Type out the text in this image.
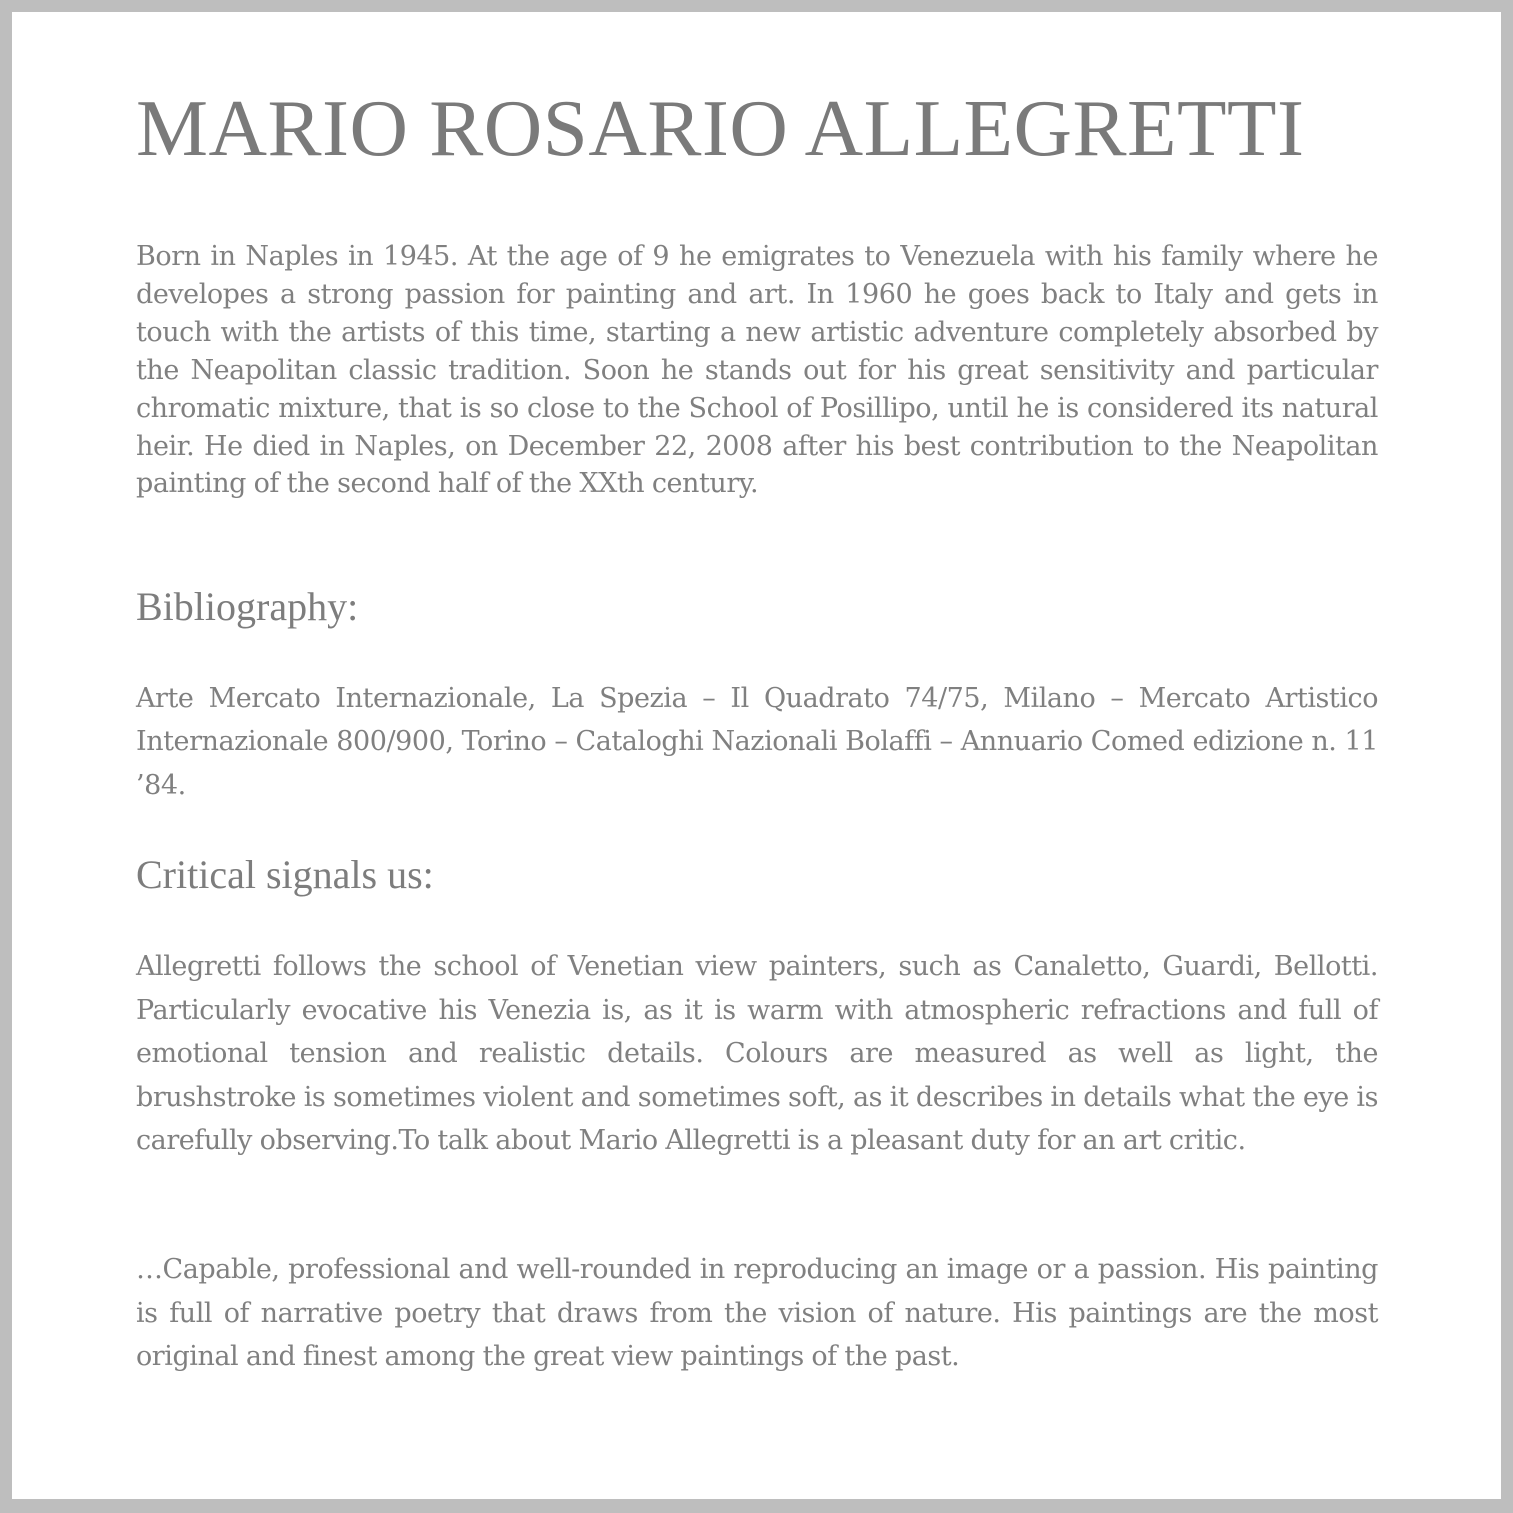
MARIO ROSARIO ALLEGRETTI

Born in Naples in 1945. At the age of 9 he emigrates to Venezuela with his family where he developes a strong passion for painting and art. In 1960 he goes back to Italy and gets in touch with the artists of this time, starting a new artistic adventure completely absorbed by the Neapolitan classic tradition. Soon he stands out for his great sensitivity and particular chromatic mixture, that is so close to the School of Posillipo, until he is considered its natural heir. He died in Naples, on December 22, 2008 after his best contribution to the Neapolitan painting of the second half of the XXth century.

Bibliography:

Arte Mercato Internazionale, La Spezia – Il Quadrato 74/75, Milano – Mercato Artistico Internazionale 800/900, Torino – Cataloghi Nazionali Bolaffi – Annuario Comed edizione n. 11 ’84.

Critical signals us:

Allegretti follows the school of Venetian view painters, such as Canaletto, Guardi, Bellotti. Particularly evocative his Venezia is, as it is warm with atmospheric refractions and full of emotional tension and realistic details. Colours are measured as well as light, the brushstroke is sometimes violent and sometimes soft, as it describes in details what the eye is carefully observing.To talk about Mario Allegretti is a pleasant duty for an art critic.

…Capable, professional and well-rounded in reproducing an image or a passion. His painting is full of narrative poetry that draws from the vision of nature. His paintings are the most original and finest among the great view paintings of the past.
